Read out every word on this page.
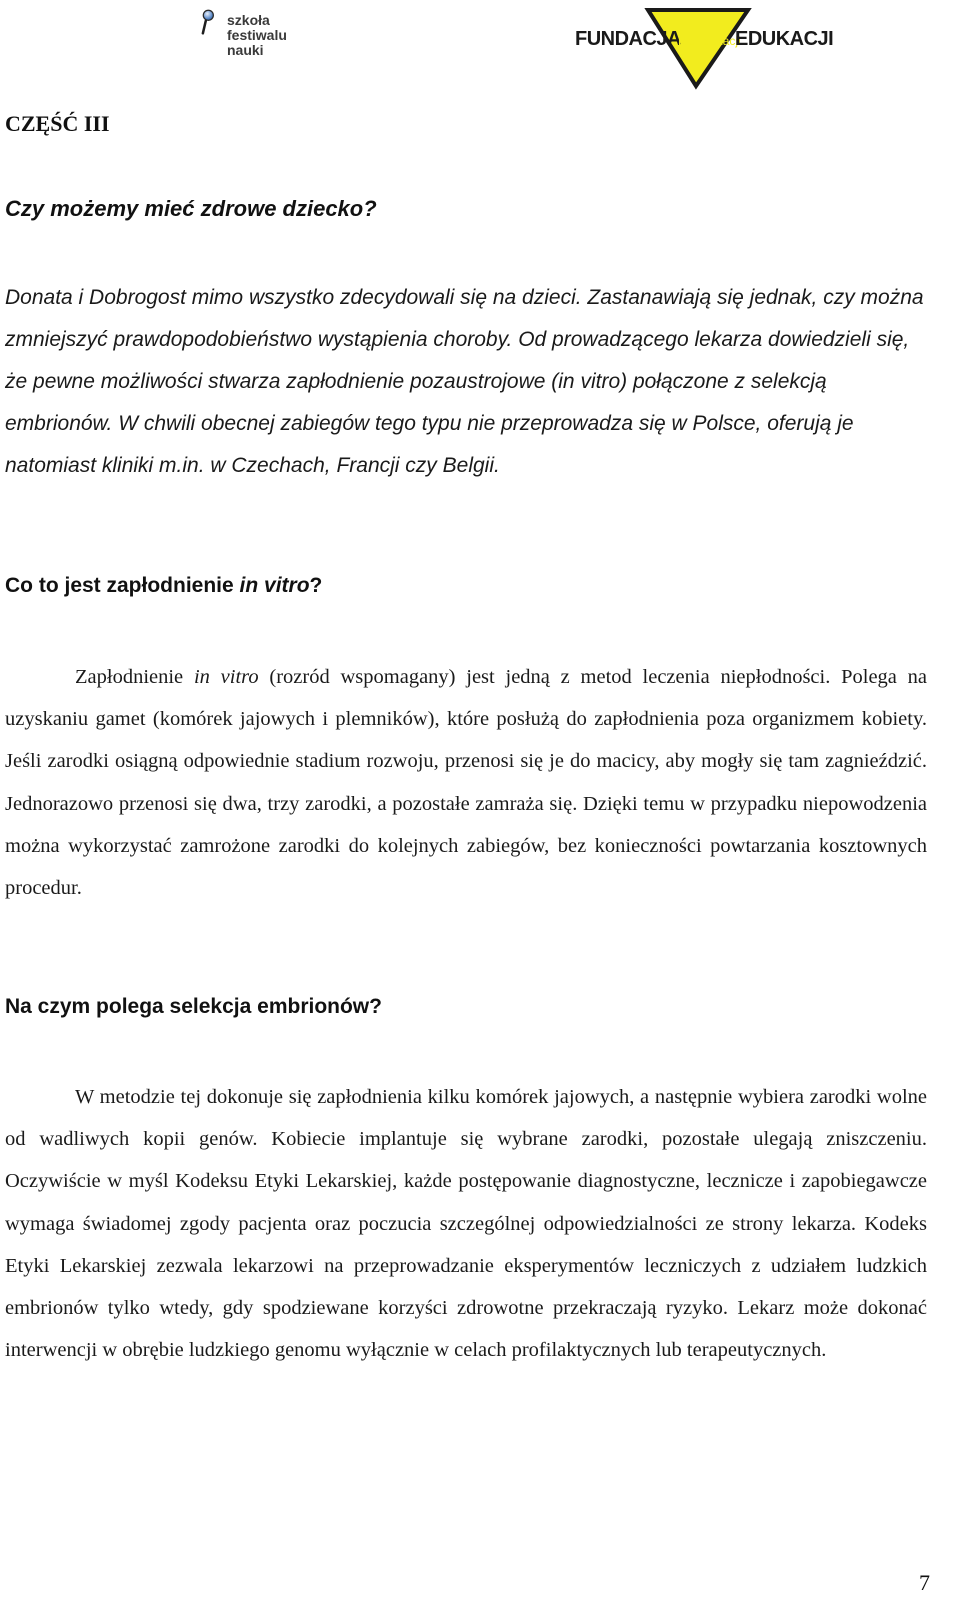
szkoła
festiwalu
nauki	FUNDACJA
BioEdukacji
EDUKACJI
CZĘŚĆ III
Czy możemy mieć zdrowe dziecko?

Donata i Dobrogost mimo wszystko zdecydowali się na dzieci. Zastanawiają się jednak, czy można zmniejszyć prawdopodobieństwo wystąpienia choroby. Od prowadzącego lekarza dowiedzieli się, że pewne możliwości stwarza zapłodnienie pozaustrojowe (in vitro) połączone z selekcją embrionów. W chwili obecnej zabiegów tego typu nie przeprowadza się w Polsce, oferują je natomiast kliniki m.in. w Czechach, Francji czy Belgii.

Co to jest zapłodnienie in vitro?

Zapłodnienie in vitro (rozród wspomagany) jest jedną z metod leczenia niepłodności. Polega na uzyskaniu gamet (komórek jajowych i plemników), które posłużą do zapłodnienia poza organizmem kobiety. Jeśli zarodki osiągną odpowiednie stadium rozwoju, przenosi się je do macicy, aby mogły się tam zagnieździć. Jednorazowo przenosi się dwa, trzy zarodki, a pozostałe zamraża się. Dzięki temu w przypadku niepowodzenia można wykorzystać zamrożone zarodki do kolejnych zabiegów, bez konieczności powtarzania kosztownych procedur.

Na czym polega selekcja embrionów?

W metodzie tej dokonuje się zapłodnienia kilku komórek jajowych, a następnie wybiera zarodki wolne od wadliwych kopii genów. Kobiecie implantuje się wybrane zarodki, pozostałe ulegają zniszczeniu. Oczywiście w myśl Kodeksu Etyki Lekarskiej, każde postępowanie diagnostyczne, lecznicze i zapobiegawcze wymaga świadomej zgody pacjenta oraz poczucia szczególnej odpowiedzialności ze strony lekarza. Kodeks Etyki Lekarskiej zezwala lekarzowi na przeprowadzanie eksperymentów leczniczych z udziałem ludzkich embrionów tylko wtedy, gdy spodziewane korzyści zdrowotne przekraczają ryzyko. Lekarz może dokonać interwencji w obrębie ludzkiego genomu wyłącznie w celach profilaktycznych lub terapeutycznych.

7
